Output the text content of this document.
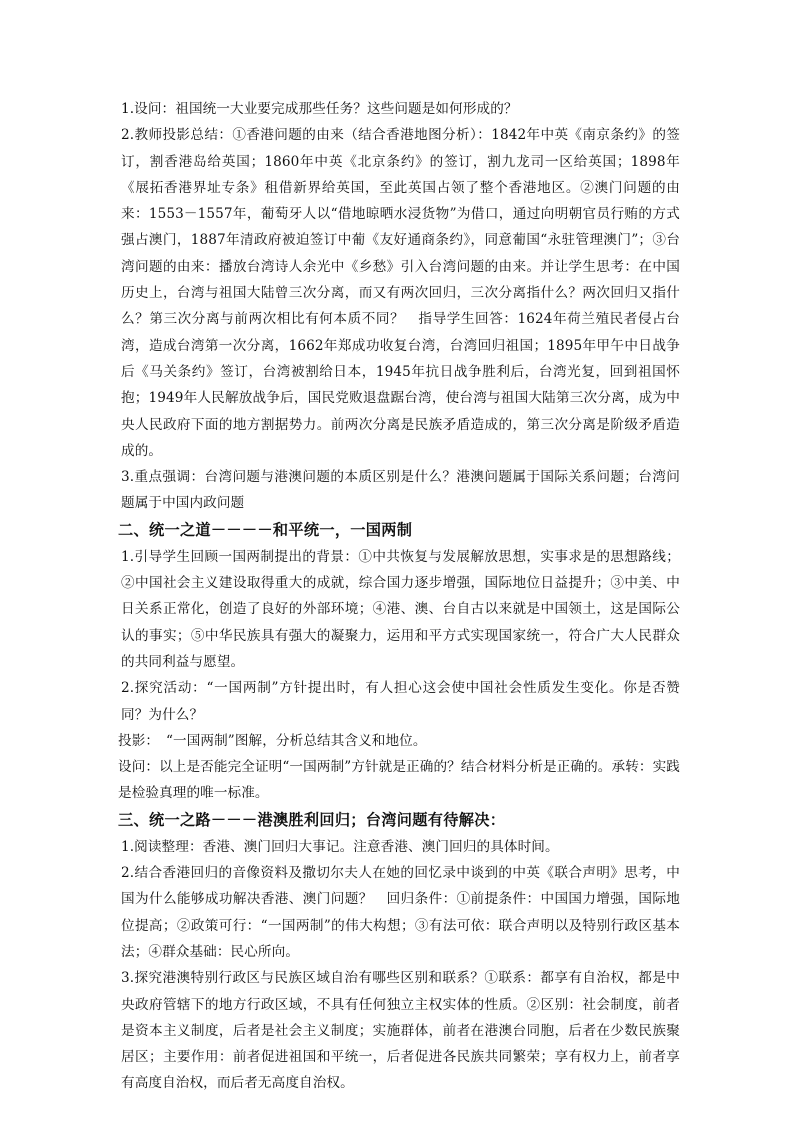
1.设问：祖国统一大业要完成那些任务？这些问题是如何形成的？

2.教师投影总结：①香港问题的由来（结合香港地图分析）：1842年中英《南京条约》的签订，割香港岛给英国；1860年中英《北京条约》的签订，割九龙司一区给英国；1898年《展拓香港界址专条》租借新界给英国，至此英国占领了整个香港地区。②澳门问题的由来：1553－1557年，葡萄牙人以“借地晾晒水浸货物”为借口，通过向明朝官员行贿的方式强占澳门，1887年清政府被迫签订中葡《友好通商条约》，同意葡国“永驻管理澳门”；③台湾问题的由来：播放台湾诗人余光中《乡愁》引入台湾问题的由来。并让学生思考：在中国历史上，台湾与祖国大陆曾三次分离，而又有两次回归，三次分离指什么？两次回归又指什么？第三次分离与前两次相比有何本质不同？　指导学生回答：1624年荷兰殖民者侵占台湾，造成台湾第一次分离，1662年郑成功收复台湾，台湾回归祖国；1895年甲午中日战争后《马关条约》签订，台湾被割给日本，1945年抗日战争胜利后，台湾光复，回到祖国怀抱；1949年人民解放战争后，国民党败退盘踞台湾，使台湾与祖国大陆第三次分离，成为中央人民政府下面的地方割据势力。前两次分离是民族矛盾造成的，第三次分离是阶级矛盾造成的。

3.重点强调：台湾问题与港澳问题的本质区别是什么？港澳问题属于国际关系问题；台湾问题属于中国内政问题

二、统一之道－－－－和平统一，一国两制

1.引导学生回顾一国两制提出的背景：①中共恢复与发展解放思想，实事求是的思想路线；②中国社会主义建设取得重大的成就，综合国力逐步增强，国际地位日益提升；③中美、中日关系正常化，创造了良好的外部环境；④港、澳、台自古以来就是中国领土，这是国际公认的事实；⑤中华民族具有强大的凝聚力，运用和平方式实现国家统一，符合广大人民群众的共同利益与愿望。

2.探究活动：“一国两制”方针提出时，有人担心这会使中国社会性质发生变化。你是否赞同？为什么？

投影：　“一国两制”图解，分析总结其含义和地位。

设问：以上是否能完全证明“一国两制”方针就是正确的？结合材料分析是正确的。承转：实践是检验真理的唯一标准。

三、统一之路－－－港澳胜利回归；台湾问题有待解决：

1.阅读整理：香港、澳门回归大事记。注意香港、澳门回归的具体时间。

2.结合香港回归的音像资料及撒切尔夫人在她的回忆录中谈到的中英《联合声明》思考，中国为什么能够成功解决香港、澳门问题？　回归条件：①前提条件：中国国力增强，国际地位提高；②政策可行：“一国两制”的伟大构想；③有法可依：联合声明以及特别行政区基本法；④群众基础：民心所向。

3.探究港澳特别行政区与民族区域自治有哪些区别和联系？①联系：都享有自治权，都是中央政府管辖下的地方行政区域，不具有任何独立主权实体的性质。②区别：社会制度，前者是资本主义制度，后者是社会主义制度；实施群体，前者在港澳台同胞，后者在少数民族聚居区；主要作用：前者促进祖国和平统一，后者促进各民族共同繁荣；享有权力上，前者享有高度自治权，而后者无高度自治权。
